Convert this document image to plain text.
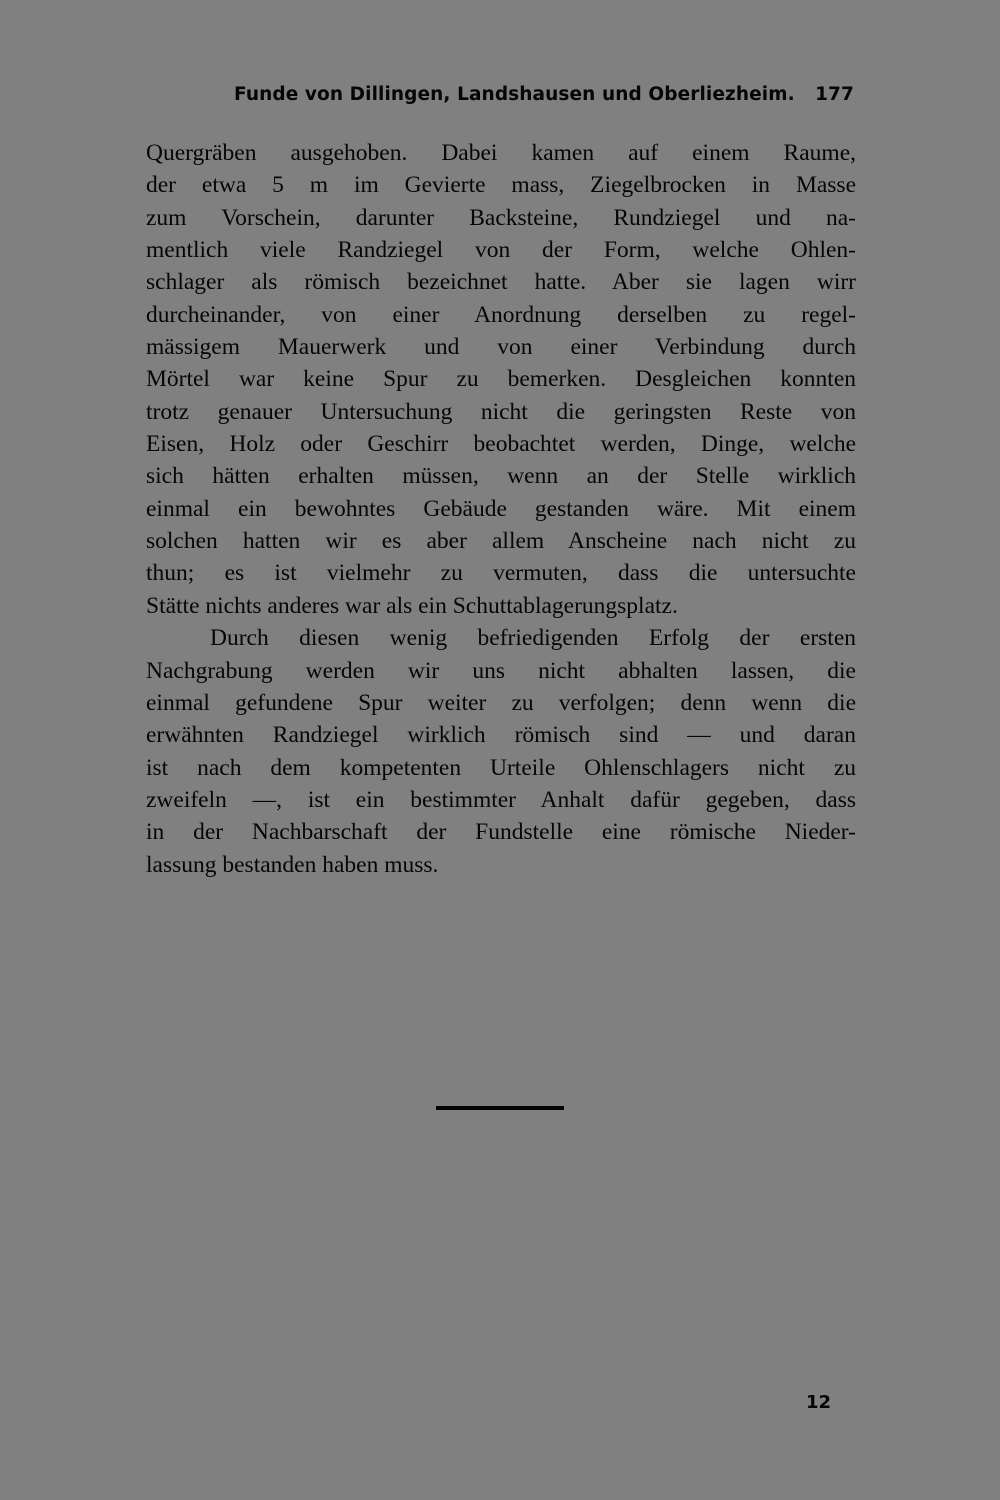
Funde von Dillingen, Landshausen und Oberliezheim. 177
Quergräben ausgehoben. Dabei kamen auf einem Raume,
der etwa 5 m im Gevierte mass, Ziegelbrocken in Masse
zum Vorschein, darunter Backsteine, Rundziegel und na-
mentlich viele Randziegel von der Form, welche Ohlen-
schlager als römisch bezeichnet hatte. Aber sie lagen wirr
durcheinander, von einer Anordnung derselben zu regel-
mässigem Mauerwerk und von einer Verbindung durch
Mörtel war keine Spur zu bemerken. Desgleichen konnten
trotz genauer Untersuchung nicht die geringsten Reste von
Eisen, Holz oder Geschirr beobachtet werden, Dinge, welche
sich hätten erhalten müssen, wenn an der Stelle wirklich
einmal ein bewohntes Gebäude gestanden wäre. Mit einem
solchen hatten wir es aber allem Anscheine nach nicht zu
thun; es ist vielmehr zu vermuten, dass die untersuchte
Stätte nichts anderes war als ein Schuttablagerungsplatz.
Durch diesen wenig befriedigenden Erfolg der ersten
Nachgrabung werden wir uns nicht abhalten lassen, die
einmal gefundene Spur weiter zu verfolgen; denn wenn die
erwähnten Randziegel wirklich römisch sind — und daran
ist nach dem kompetenten Urteile Ohlenschlagers nicht zu
zweifeln —, ist ein bestimmter Anhalt dafür gegeben, dass
in der Nachbarschaft der Fundstelle eine römische Nieder-
lassung bestanden haben muss.
12
